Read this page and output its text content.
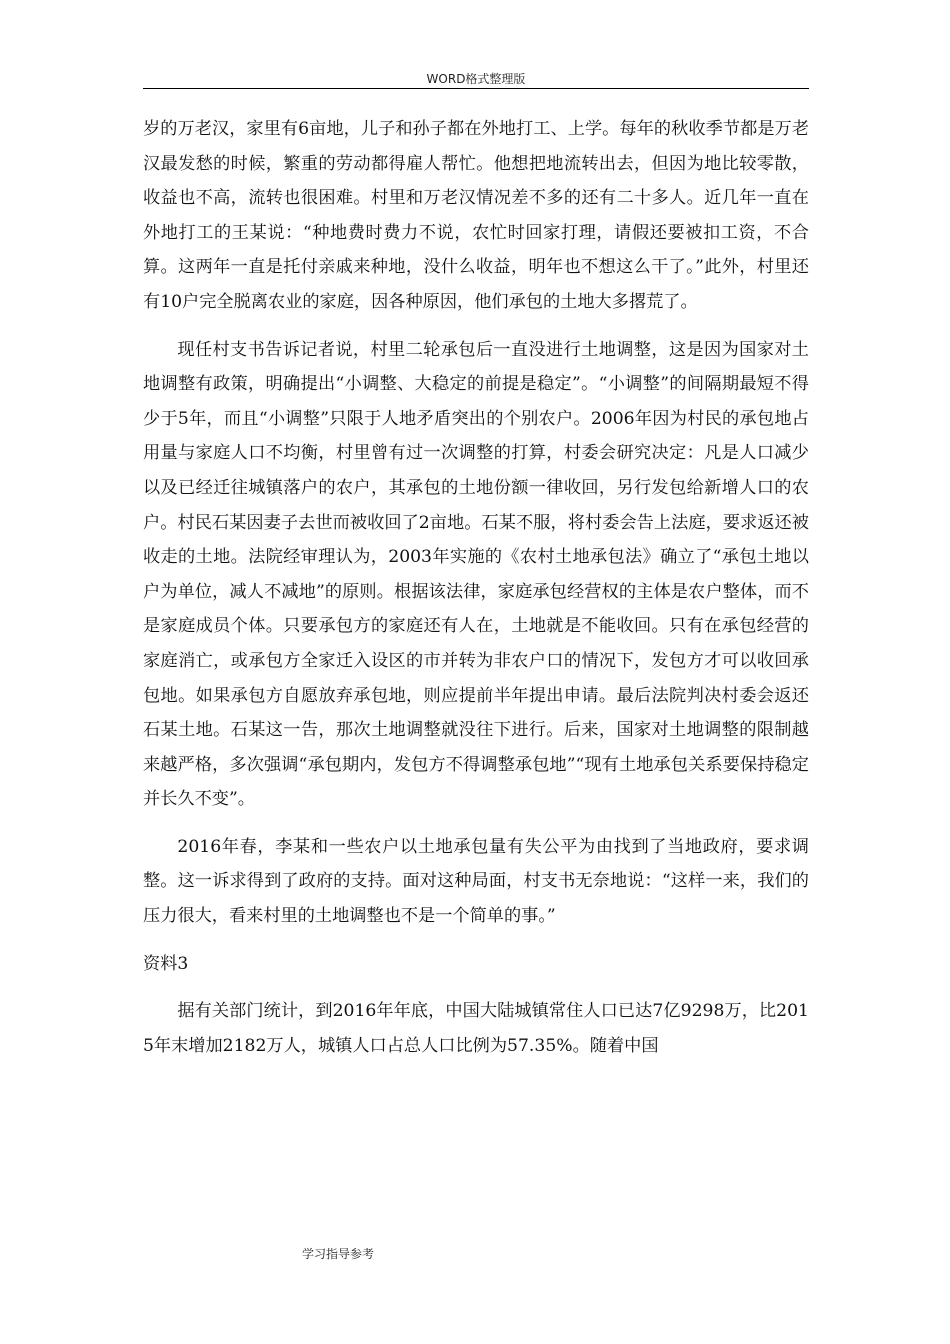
WORD格式整理版

岁的万老汉，家里有6亩地，儿子和孙子都在外地打工、上学。每年的秋收季节都是万老汉最发愁的时候，繁重的劳动都得雇人帮忙。他想把地流转出去，但因为地比较零散，收益也不高，流转也很困难。村里和万老汉情况差不多的还有二十多人。近几年一直在外地打工的王某说：“种地费时费力不说，农忙时回家打理，请假还要被扣工资，不合算。这两年一直是托付亲戚来种地，没什么收益，明年也不想这么干了。”此外，村里还有10户完全脱离农业的家庭，因各种原因，他们承包的土地大多撂荒了。

现任村支书告诉记者说，村里二轮承包后一直没进行土地调整，这是因为国家对土地调整有政策，明确提出“小调整、大稳定的前提是稳定”。“小调整”的间隔期最短不得少于5年，而且“小调整”只限于人地矛盾突出的个别农户。2006年因为村民的承包地占用量与家庭人口不均衡，村里曾有过一次调整的打算，村委会研究决定：凡是人口减少以及已经迁往城镇落户的农户，其承包的土地份额一律收回，另行发包给新增人口的农户。村民石某因妻子去世而被收回了2亩地。石某不服，将村委会告上法庭，要求返还被收走的土地。法院经审理认为，2003年实施的《农村土地承包法》确立了“承包土地以户为单位，减人不减地”的原则。根据该法律，家庭承包经营权的主体是农户整体，而不是家庭成员个体。只要承包方的家庭还有人在，土地就是不能收回。只有在承包经营的家庭消亡，或承包方全家迁入设区的市并转为非农户口的情况下，发包方才可以收回承包地。如果承包方自愿放弃承包地，则应提前半年提出申请。最后法院判决村委会返还石某土地。石某这一告，那次土地调整就没往下进行。后来，国家对土地调整的限制越来越严格，多次强调“承包期内，发包方不得调整承包地”“现有土地承包关系要保持稳定并长久不变”。

2016年春，李某和一些农户以土地承包量有失公平为由找到了当地政府，要求调整。这一诉求得到了政府的支持。面对这种局面，村支书无奈地说：“这样一来，我们的压力很大，看来村里的土地调整也不是一个简单的事。”

资料3

据有关部门统计，到2016年年底，中国大陆城镇常住人口已达7亿9298万，比2015年末增加2182万人，城镇人口占总人口比例为57.35%。随着中国

学习指导参考
